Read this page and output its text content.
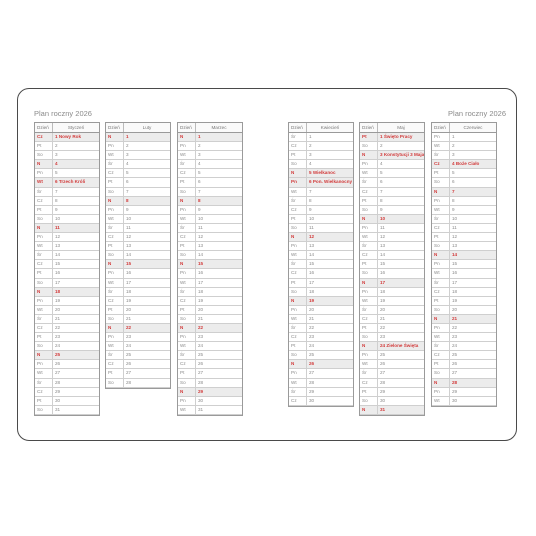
Plan roczny 2026	Plan roczny 2026
Dzień	Styczeń
Cz	1 Nowy Rok
Pt	2
So	3
N	4
Pn	5
Wt	6 Trzech Króli
Śr	7
Cz	8
Pt	9
So	10
N	11
Pn	12
Wt	13
Śr	14
Cz	15
Pt	16
So	17
N	18
Pn	19
Wt	20
Śr	21
Cz	22
Pt	23
So	24
N	25
Pn	26
Wt	27
Śr	28
Cz	29
Pt	30
So	31
Dzień	Luty
N	1
Pn	2
Wt	3
Śr	4
Cz	5
Pt	6
So	7
N	8
Pn	9
Wt	10
Śr	11
Cz	12
Pt	13
So	14
N	15
Pn	16
Wt	17
Śr	18
Cz	19
Pt	20
So	21
N	22
Pn	23
Wt	24
Śr	25
Cz	26
Pt	27
So	28
Dzień	Marzec
N	1
Pn	2
Wt	3
Śr	4
Cz	5
Pt	6
So	7
N	8
Pn	9
Wt	10
Śr	11
Cz	12
Pt	13
So	14
N	15
Pn	16
Wt	17
Śr	18
Cz	19
Pt	20
So	21
N	22
Pn	23
Wt	24
Śr	25
Cz	26
Pt	27
So	28
N	29
Pn	30
Wt	31
Dzień	Kwiecień
Śr	1
Cz	2
Pt	3
So	4
N	5 Wielkanoc
Pn	6 Pon. Wielkanocny
Wt	7
Śr	8
Cz	9
Pt	10
So	11
N	12
Pn	13
Wt	14
Śr	15
Cz	16
Pt	17
So	18
N	19
Pn	20
Wt	21
Śr	22
Cz	23
Pt	24
So	25
N	26
Pn	27
Wt	28
Śr	29
Cz	30
Dzień	Maj
Pt	1 Święto Pracy
So	2
N	3 Konstytucji 3 Maja
Pn	4
Wt	5
Śr	6
Cz	7
Pt	8
So	9
N	10
Pn	11
Wt	12
Śr	13
Cz	14
Pt	15
So	16
N	17
Pn	18
Wt	19
Śr	20
Cz	21
Pt	22
So	23
N	24 Zielone Święta
Pn	25
Wt	26
Śr	27
Cz	28
Pt	29
So	30
N	31
Dzień	Czerwiec
Pn	1
Wt	2
Śr	3
Cz	4 Boże Ciało
Pt	5
So	6
N	7
Pn	8
Wt	9
Śr	10
Cz	11
Pt	12
So	13
N	14
Pn	15
Wt	16
Śr	17
Cz	18
Pt	19
So	20
N	21
Pn	22
Wt	23
Śr	24
Cz	25
Pt	26
So	27
N	28
Pn	29
Wt	30
